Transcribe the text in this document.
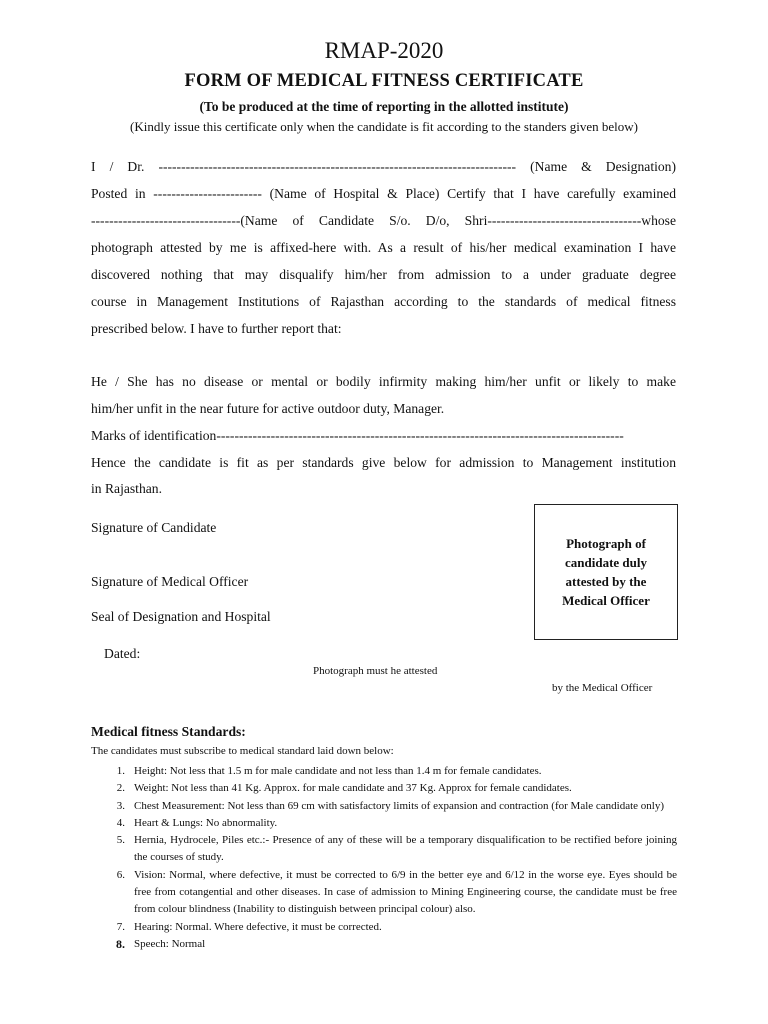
RMAP-2020
FORM OF MEDICAL FITNESS CERTIFICATE
(To be produced at the time of reporting in the allotted institute)
(Kindly issue this certificate only when the candidate is fit according to the standers given below)
I / Dr. ------------------------------------------------------------------------------- (Name & Designation)
Posted in ------------------------ (Name of Hospital & Place) Certify that I have carefully examined
---------------------------------(Name of Candidate S/o. D/o, Shri----------------------------------whose
photograph attested by me is affixed-here with. As a result of his/her medical examination I have
discovered nothing that may disqualify him/her from admission to a under graduate degree
course in Management Institutions of Rajasthan according to the standards of medical fitness
prescribed below. I have to further report that:
He / She has no disease or mental or bodily infirmity making him/her unfit or likely to make
him/her unfit in the near future for active outdoor duty, Manager.
Marks of identification------------------------------------------------------------------------------------------
Hence the candidate is fit as per standards give below for admission to Management institution
in Rajasthan.
Signature of Candidate
Signature of Medical Officer
Seal of Designation and Hospital
Dated:
Photograph of candidate duly attested by the Medical Officer
Photograph must he attested
by the Medical Officer
Medical fitness Standards:
The candidates must subscribe to medical standard laid down below:
1. Height: Not less that 1.5 m for male candidate and not less than 1.4 m for female candidates.
2. Weight: Not less than 41 Kg. Approx. for male candidate and 37 Kg. Approx for female candidates.
3. Chest Measurement: Not less than 69 cm with satisfactory limits of expansion and contraction (for Male candidate only)
4. Heart & Lungs: No abnormality.
5. Hernia, Hydrocele, Piles etc.:- Presence of any of these will be a temporary disqualification to be rectified before joining the courses of study.
6. Vision: Normal, where defective, it must be corrected to 6/9 in the better eye and 6/12 in the worse eye. Eyes should be free from cotangential and other diseases. In case of admission to Mining Engineering course, the candidate must be free from colour blindness (Inability to distinguish between principal colour) also.
7. Hearing: Normal. Where defective, it must be corrected.
8. Speech: Normal
